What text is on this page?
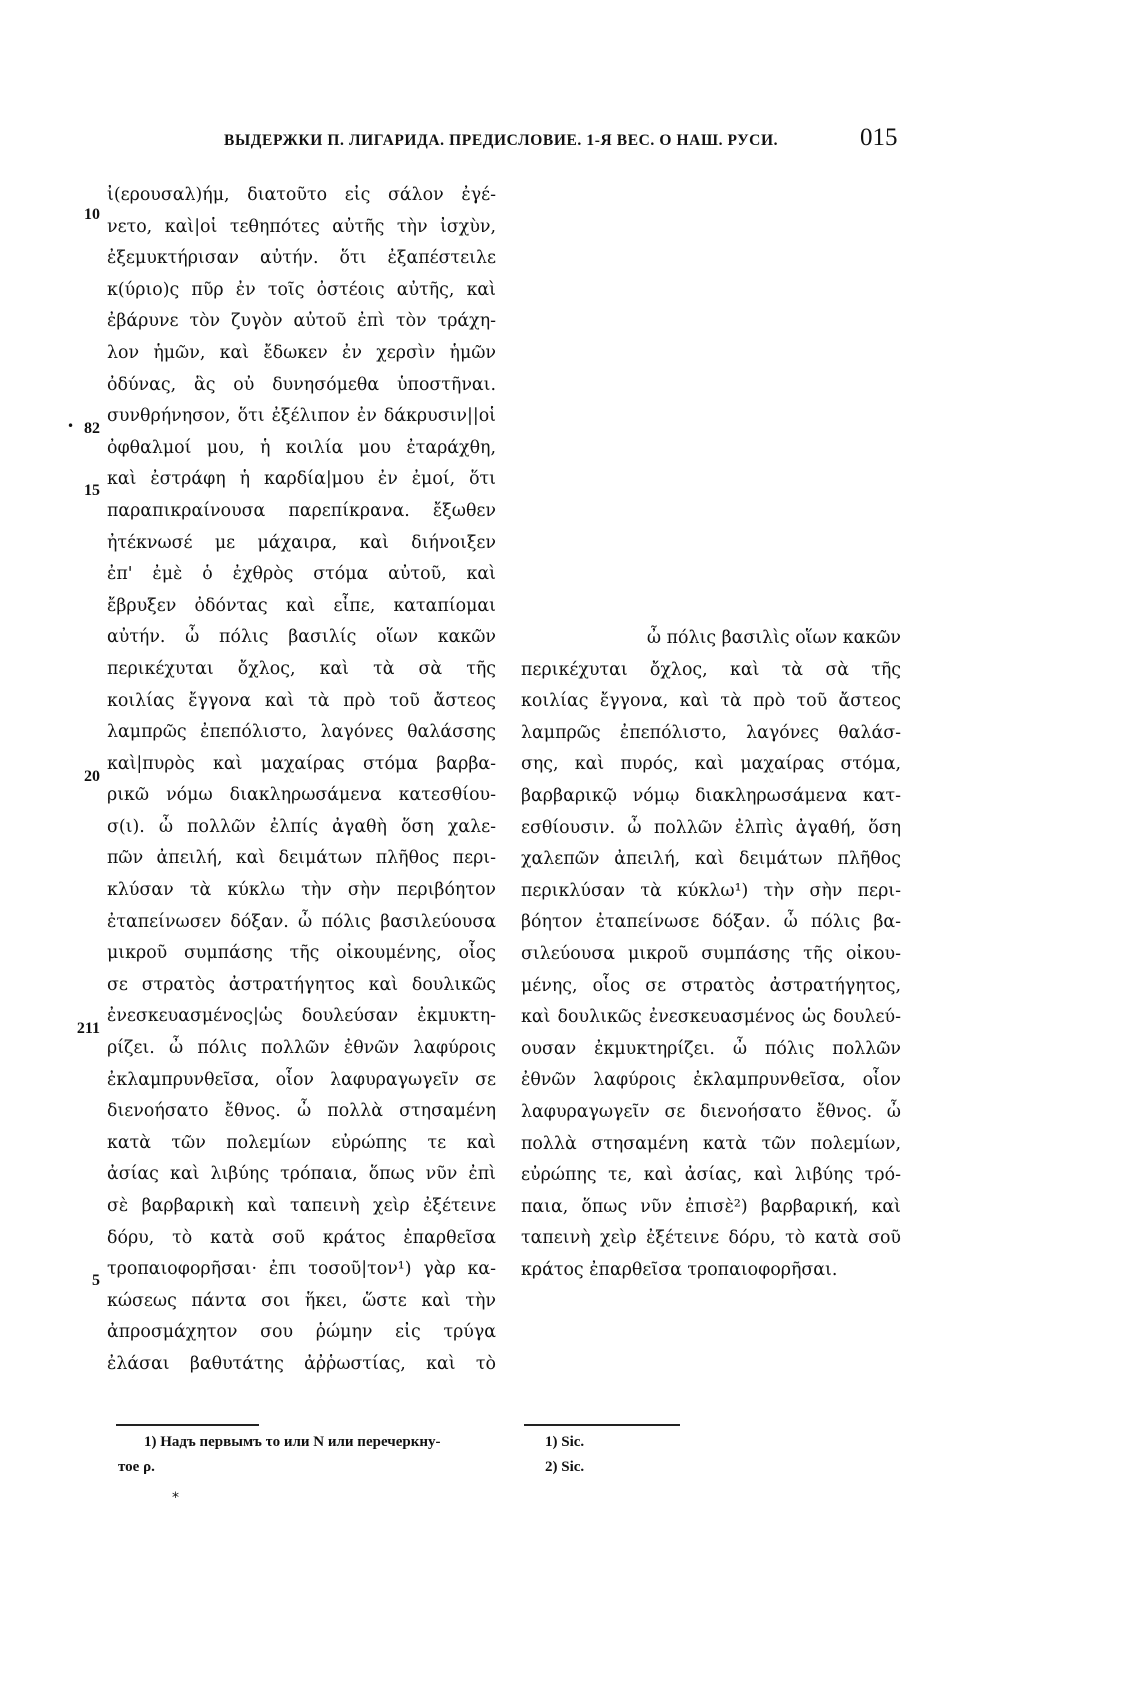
ВЫДЕРЖКИ П. ЛИГАРИДА. ПРЕДИСЛОВИЕ. 1-Я ВЕС. О НАШ. РУСИ.	015
•
10
82
15
20
211
5
ἰ(ερουσαλ)ήμ, διατοῦτο εἰς σάλον ἐγέ-
νετο, καὶ|οἱ τεθηπότες αὐτῆς τὴν ἰσχὺν,
ἐξεμυκτήρισαν αὐτήν. ὅτι ἐξαπέστειλε
κ(ύριο)ς πῦρ ἐν τοῖς ὀστέοις αὐτῆς, καὶ
ἐβάρυνε τὸν ζυγὸν αὐτοῦ ἐπὶ τὸν τράχη-
λον ἡμῶν, καὶ ἔδωκεν ἐν χερσὶν ἡμῶν
ὀδύνας, ἃς οὐ δυνησόμεθα ὑποστῆναι.
συνθρήνησον, ὅτι ἐξέλιπον ἐν δάκρυσιν||οἱ
ὀφθαλμοί μου, ἡ κοιλία μου ἐταράχθη,
καὶ ἐστράφη ἡ καρδία|μου ἐν ἐμοί, ὅτι
παραπικραίνουσα παρεπίκρανα. ἔξωθεν
ἠτέκνωσέ με μάχαιρα, καὶ διήνοιξεν
ἐπ' ἐμὲ ὁ ἐχθρὸς στόμα αὐτοῦ, καὶ
ἔβρυξεν ὀδόντας καὶ εἶπε, καταπίομαι
αὐτήν. ὦ πόλις βασιλίς οἵων κακῶν
περικέχυται ὄχλος, καὶ τὰ σὰ τῆς
κοιλίας ἔγγονα καὶ τὰ πρὸ τοῦ ἄστεος
λαμπρῶς ἐπεπόλιστο, λαγόνες θαλάσσης
καὶ|πυρὸς καὶ μαχαίρας στόμα βαρβα-
ρικῶ νόμω διακληρωσάμενα κατεσθίου-
σ(ι). ὦ πολλῶν ἐλπίς ἀγαθὴ ὅση χαλε-
πῶν ἀπειλή, καὶ δειμάτων πλῆθος περι-
κλύσαν τὰ κύκλω τὴν σὴν περιβόητον
ἐταπείνωσεν δόξαν. ὦ πόλις βασιλεύουσα
μικροῦ συμπάσης τῆς οἰκουμένης, οἷος
σε στρατὸς ἀστρατήγητος καὶ δουλικῶς
ἐνεσκευασμένος|ὡς δουλεύσαν ἐκμυκτη-
ρίζει. ὦ πόλις πολλῶν ἐθνῶν λαφύροις
ἐκλαμπρυνθεῖσα, οἷον λαφυραγωγεῖν σε
διενοήσατο ἔθνος. ὦ πολλὰ στησαμένη
κατὰ τῶν πολεμίων εὐρώπης τε καὶ
ἀσίας καὶ λιβύης τρόπαια, ὅπως νῦν ἐπὶ
σὲ βαρβαρικὴ καὶ ταπεινὴ χεὶρ ἐξέτεινε
δόρυ, τὸ κατὰ σοῦ κράτος ἐπαρθεῖσα
τροπαιοφορῆσαι· ἐπι τοσοῦ|τον¹) γὰρ κα-
κώσεως πάντα σοι ἥκει, ὥστε καὶ τὴν
ἀπροσμάχητον σου ῥώμην εἰς τρύγα
ἐλάσαι βαθυτάτης ἀῤῥωστίας, καὶ τὸ
ὦ πόλις βασιλὶς οἵων κακῶν
περικέχυται ὄχλος, καὶ τὰ σὰ τῆς
κοιλίας ἔγγονα, καὶ τὰ πρὸ τοῦ ἄστεος
λαμπρῶς ἐπεπόλιστο, λαγόνες θαλάσ-
σης, καὶ πυρός, καὶ μαχαίρας στόμα,
βαρβαρικῷ νόμῳ διακληρωσάμενα κατ-
εσθίουσιν. ὦ πολλῶν ἐλπὶς ἀγαθή, ὅση
χαλεπῶν ἀπειλή, καὶ δειμάτων πλῆθος
περικλύσαν τὰ κύκλω¹) τὴν σὴν περι-
βόητον ἐταπείνωσε δόξαν. ὦ πόλις βα-
σιλεύουσα μικροῦ συμπάσης τῆς οἰκου-
μένης, οἷος σε στρατὸς ἀστρατήγητος,
καὶ δουλικῶς ἐνεσκευασμένος ὡς δουλεύ-
ουσαν ἐκμυκτηρίζει. ὦ πόλις πολλῶν
ἐθνῶν λαφύροις ἐκλαμπρυνθεῖσα, οἷον
λαφυραγωγεῖν σε διενοήσατο ἔθνος. ὦ
πολλὰ στησαμένη κατὰ τῶν πολεμίων,
εὐρώπης τε, καὶ ἀσίας, καὶ λιβύης τρό-
παια, ὅπως νῦν ἐπισὲ²) βαρβαρική, καὶ
ταπεινὴ χεὶρ ἐξέτεινε δόρυ, τὸ κατὰ σοῦ
κράτος ἐπαρθεῖσα τροπαιοφορῆσαι.
1) Надъ первымъ το или N или перечеркну-
тое ρ.
1) Sic.
2) Sic.
*
